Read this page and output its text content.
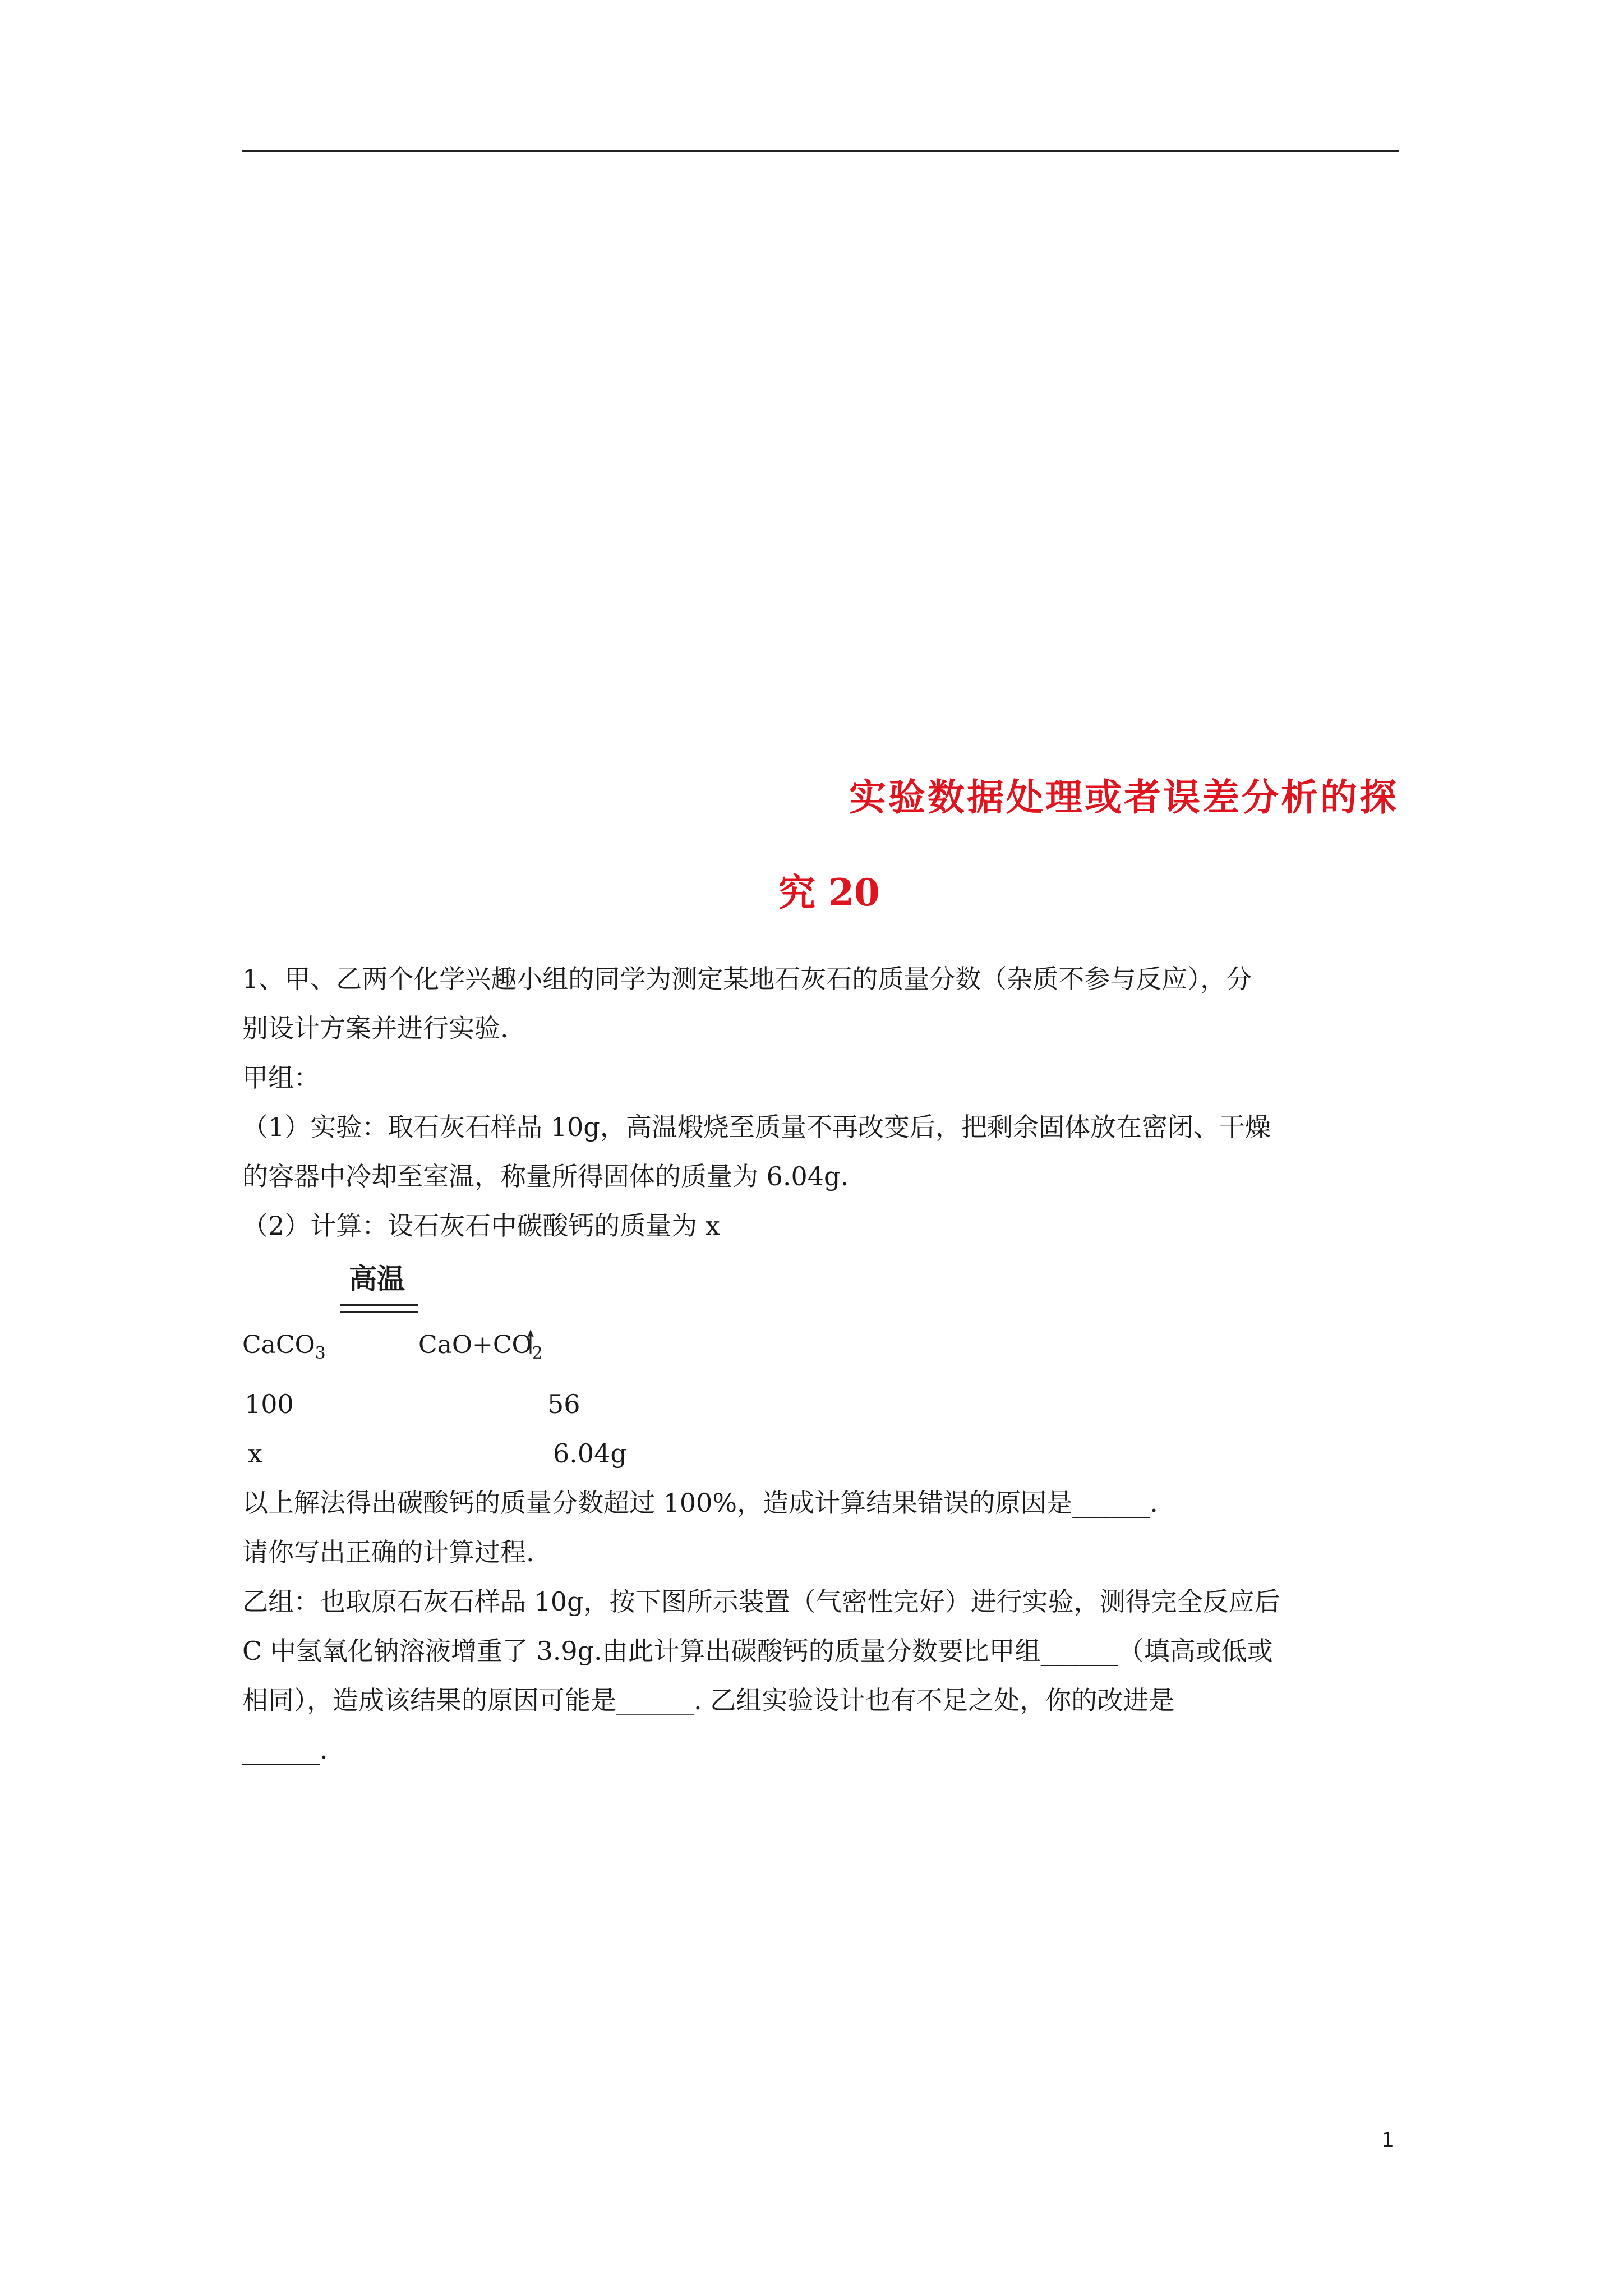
实验数据处理或者误差分析的探
究 20
1、甲、乙两个化学兴趣小组的同学为测定某地石灰石的质量分数（杂质不参与反应），分
别设计方案并进行实验.
甲组：
（1）实验：取石灰石样品 10g，高温煅烧至质量不再改变后，把剩余固体放在密闭、干燥
的容器中冷却至室温，称量所得固体的质量为 6.04g.
（2）计算：设石灰石中碳酸钙的质量为 x
高温
CaCO$_3$	$CaO+CO_2$
100	56
x	6.04g
以上解法得出碳酸钙的质量分数超过 100%，造成计算结果错误的原因是______.
请你写出正确的计算过程.
乙组：也取原石灰石样品 10g，按下图所示装置（气密性完好）进行实验，测得完全反应后
C 中氢氧化钠溶液增重了 3.9g.由此计算出碳酸钙的质量分数要比甲组______（填高或低或
相同），造成该结果的原因可能是______. 乙组实验设计也有不足之处，你的改进是
______.
1
